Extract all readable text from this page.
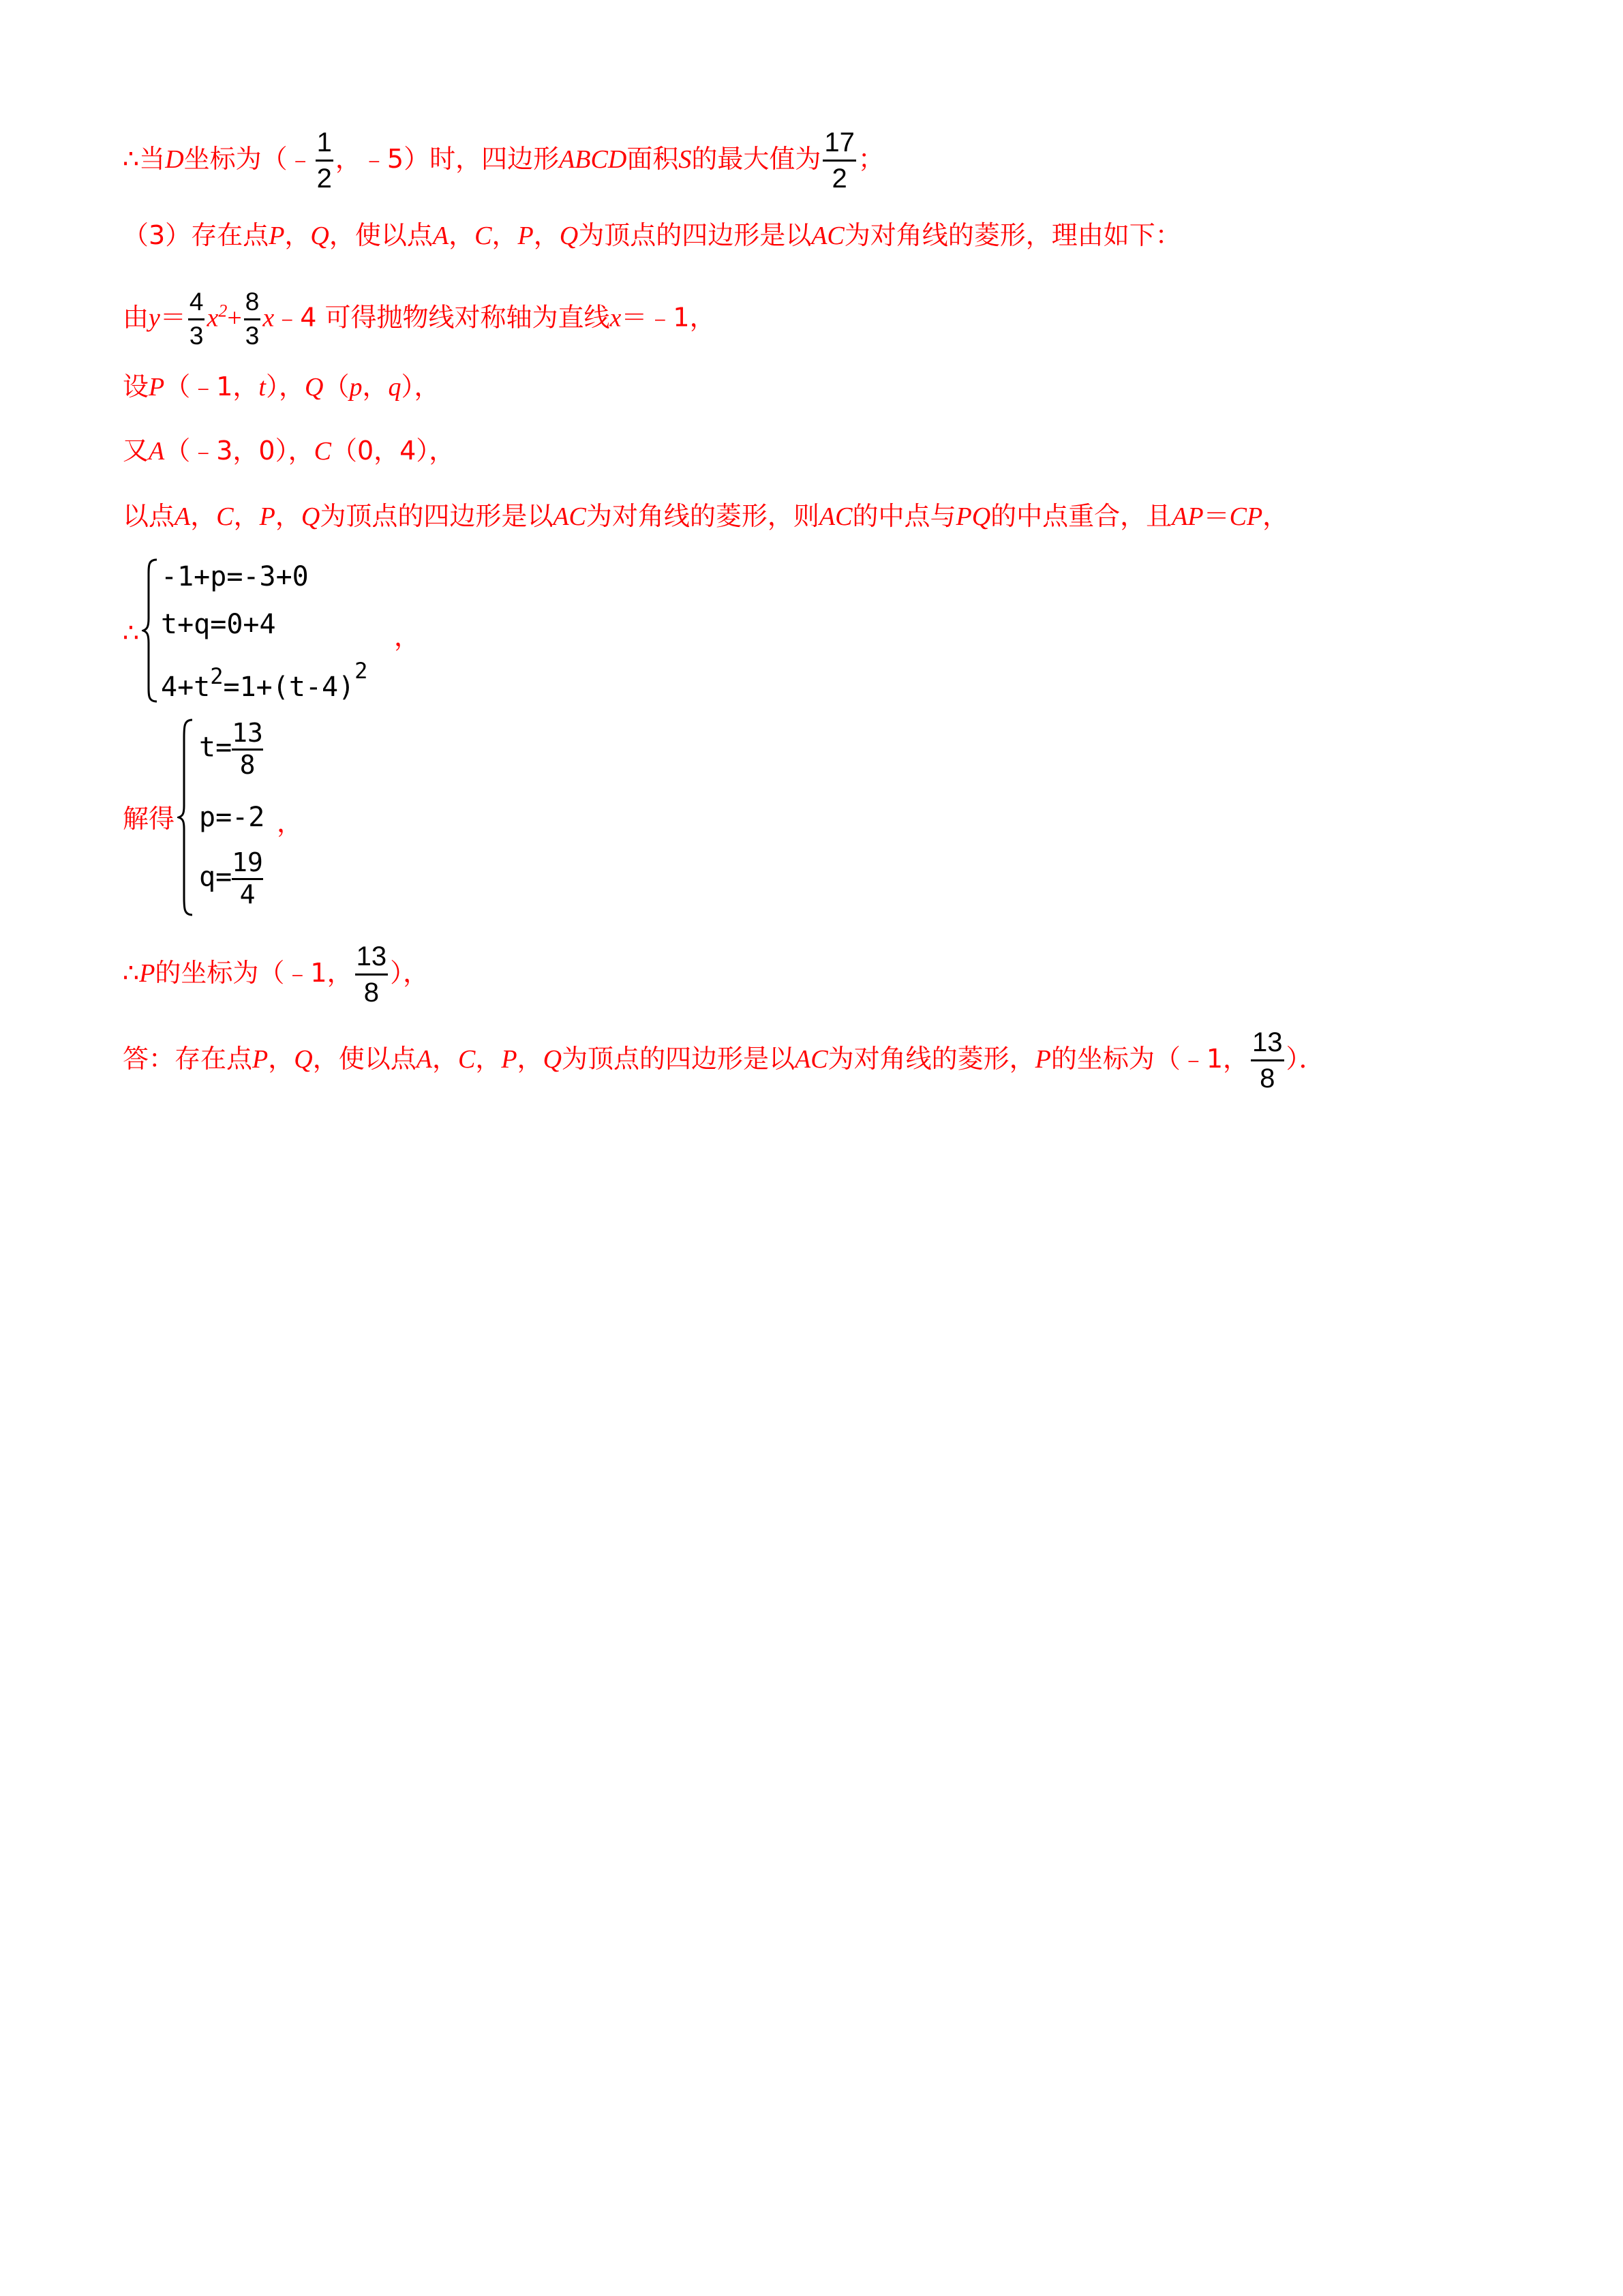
∴当D坐标为（﹣ $\frac{1}{2}$ ，﹣5）时，四边形ABCD面积S的最大值为 $\frac{17}{2}$ ；
（3）存在点P，Q，使以点A，C，P，Q为顶点的四边形是以AC为对角线的菱形，理由如下：
由$y= \frac{4}{3} x^2+ \frac{8}{3}$ x﹣4 可得抛物线对称轴为直线x＝﹣1，
设P（﹣1，t），Q（p，q），
又A（﹣3，0），C（0，4），
以点A，C，P，Q为顶点的四边形是以AC为对角线的菱形，则AC的中点与PQ的中点重合，且AP＝CP，
∴
-1+p=-3+0
t+q=0+4
$4+t^2=1+(t-4)^2$
，
解得
$t= \frac{13}{8}$
p=-2
$q= \frac{19}{4}$
，
∴P的坐标为（﹣1， $\frac{13}{8}$ ），
答：存在点P，Q，使以点A，C，P，Q为顶点的四边形是以AC为对角线的菱形，P的坐标为（﹣1， $\frac{13}{8}$ ）．
